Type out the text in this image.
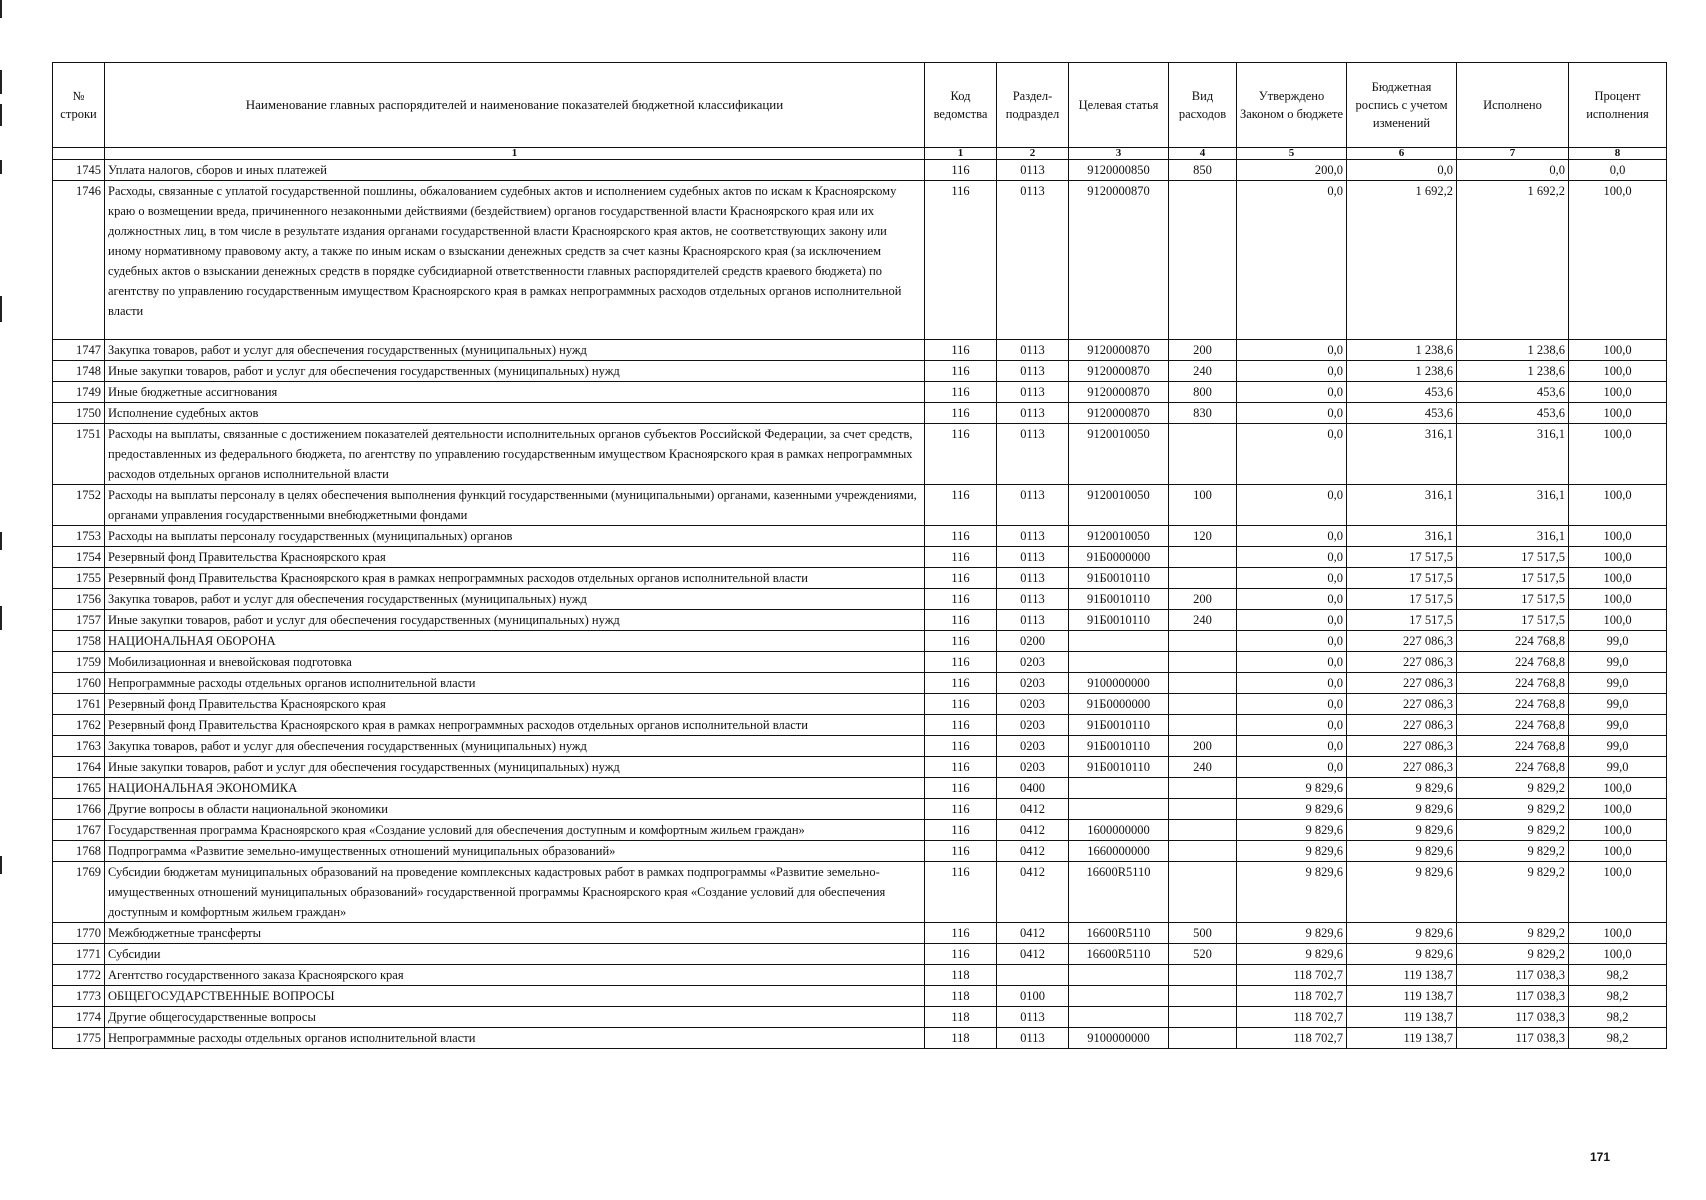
№ строки	Наименование главных распорядителей и наименование показателей бюджетной классификации	Код ведомства	Раздел-подраздел	Целевая статья	Вид расходов	Утверждено Законом о бюджете	Бюджетная роспись с учетом изменений	Исполнено	Процент исполнения
	1	1	2	3	4	5	6	7	8
1745	Уплата налогов, сборов и иных платежей	116	0113	9120000850	850	200,0	0,0	0,0	0,0
1746	Расходы, связанные с уплатой государственной пошлины, обжалованием судебных актов и исполнением судебных актов по искам к Красноярскому краю о возмещении вреда, причиненного незаконными действиями (бездействием) органов государственной власти Красноярского края или их должностных лиц, в том числе в результате издания органами государственной власти Красноярского края актов, не соответствующих закону или иному нормативному правовому акту, а также по иным искам о взыскании денежных средств за счет казны Красноярского края (за исключением судебных актов о взыскании денежных средств в порядке субсидиарной ответственности главных распорядителей средств краевого бюджета) по агентству по управлению государственным имуществом Красноярского края в рамках непрограммных расходов отдельных органов исполнительной власти	116	0113	9120000870		0,0	1 692,2	1 692,2	100,0
1747	Закупка товаров, работ и услуг для обеспечения государственных (муниципальных) нужд	116	0113	9120000870	200	0,0	1 238,6	1 238,6	100,0
1748	Иные закупки товаров, работ и услуг для обеспечения государственных (муниципальных) нужд	116	0113	9120000870	240	0,0	1 238,6	1 238,6	100,0
1749	Иные бюджетные ассигнования	116	0113	9120000870	800	0,0	453,6	453,6	100,0
1750	Исполнение судебных актов	116	0113	9120000870	830	0,0	453,6	453,6	100,0
1751	Расходы на выплаты, связанные с достижением показателей деятельности исполнительных органов субъектов Российской Федерации, за счет средств, предоставленных из федерального бюджета, по агентству по управлению государственным имуществом Красноярского края в рамках непрограммных расходов отдельных органов исполнительной власти	116	0113	9120010050		0,0	316,1	316,1	100,0
1752	Расходы на выплаты персоналу в целях обеспечения выполнения функций государственными (муниципальными) органами, казенными учреждениями, органами управления государственными внебюджетными фондами	116	0113	9120010050	100	0,0	316,1	316,1	100,0
1753	Расходы на выплаты персоналу государственных (муниципальных) органов	116	0113	9120010050	120	0,0	316,1	316,1	100,0
1754	Резервный фонд Правительства Красноярского края	116	0113	91Б0000000		0,0	17 517,5	17 517,5	100,0
1755	Резервный фонд Правительства Красноярского края в рамках непрограммных расходов отдельных органов исполнительной власти	116	0113	91Б0010110		0,0	17 517,5	17 517,5	100,0
1756	Закупка товаров, работ и услуг для обеспечения государственных (муниципальных) нужд	116	0113	91Б0010110	200	0,0	17 517,5	17 517,5	100,0
1757	Иные закупки товаров, работ и услуг для обеспечения государственных (муниципальных) нужд	116	0113	91Б0010110	240	0,0	17 517,5	17 517,5	100,0
1758	НАЦИОНАЛЬНАЯ ОБОРОНА	116	0200			0,0	227 086,3	224 768,8	99,0
1759	Мобилизационная и вневойсковая подготовка	116	0203			0,0	227 086,3	224 768,8	99,0
1760	Непрограммные расходы отдельных органов исполнительной власти	116	0203	9100000000		0,0	227 086,3	224 768,8	99,0
1761	Резервный фонд Правительства Красноярского края	116	0203	91Б0000000		0,0	227 086,3	224 768,8	99,0
1762	Резервный фонд Правительства Красноярского края в рамках непрограммных расходов отдельных органов исполнительной власти	116	0203	91Б0010110		0,0	227 086,3	224 768,8	99,0
1763	Закупка товаров, работ и услуг для обеспечения государственных (муниципальных) нужд	116	0203	91Б0010110	200	0,0	227 086,3	224 768,8	99,0
1764	Иные закупки товаров, работ и услуг для обеспечения государственных (муниципальных) нужд	116	0203	91Б0010110	240	0,0	227 086,3	224 768,8	99,0
1765	НАЦИОНАЛЬНАЯ ЭКОНОМИКА	116	0400			9 829,6	9 829,6	9 829,2	100,0
1766	Другие вопросы в области национальной экономики	116	0412			9 829,6	9 829,6	9 829,2	100,0
1767	Государственная программа Красноярского края «Создание условий для обеспечения доступным и комфортным жильем граждан»	116	0412	1600000000		9 829,6	9 829,6	9 829,2	100,0
1768	Подпрограмма «Развитие земельно-имущественных отношений муниципальных образований»	116	0412	1660000000		9 829,6	9 829,6	9 829,2	100,0
1769	Субсидии бюджетам муниципальных образований на проведение комплексных кадастровых работ в рамках подпрограммы «Развитие земельно-имущественных отношений муниципальных образований» государственной программы Красноярского края «Создание условий для обеспечения доступным и комфортным жильем граждан»	116	0412	16600R5110		9 829,6	9 829,6	9 829,2	100,0
1770	Межбюджетные трансферты	116	0412	16600R5110	500	9 829,6	9 829,6	9 829,2	100,0
1771	Субсидии	116	0412	16600R5110	520	9 829,6	9 829,6	9 829,2	100,0
1772	Агентство государственного заказа Красноярского края	118				118 702,7	119 138,7	117 038,3	98,2
1773	ОБЩЕГОСУДАРСТВЕННЫЕ ВОПРОСЫ	118	0100			118 702,7	119 138,7	117 038,3	98,2
1774	Другие общегосударственные вопросы	118	0113			118 702,7	119 138,7	117 038,3	98,2
1775	Непрограммные расходы отдельных органов исполнительной власти	118	0113	9100000000		118 702,7	119 138,7	117 038,3	98,2
171
